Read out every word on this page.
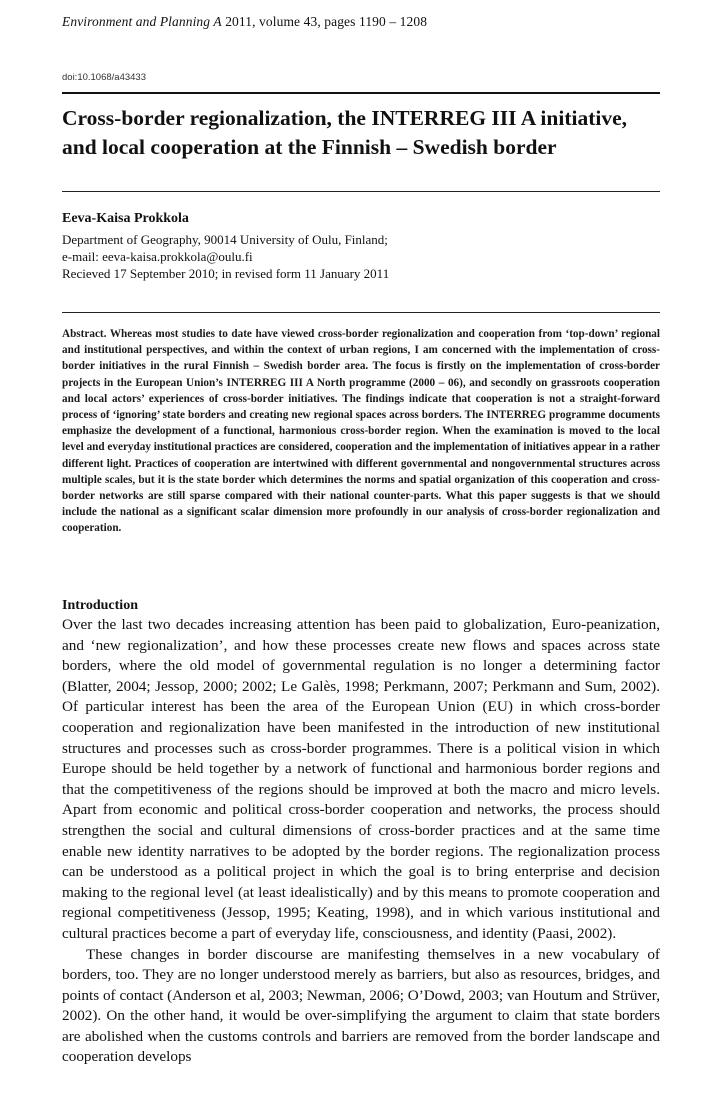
Environment and Planning A 2011, volume 43, pages 1190 – 1208
doi:10.1068/a43433
Cross-border regionalization, the INTERREG III A initiative,
and local cooperation at the Finnish – Swedish border
Eeva-Kaisa Prokkola
Department of Geography, 90014 University of Oulu, Finland;
e-mail: eeva-kaisa.prokkola@oulu.fi
Recieved 17 September 2010; in revised form 11 January 2011
Abstract. Whereas most studies to date have viewed cross-border regionalization and cooperation from ‘top-down’ regional and institutional perspectives, and within the context of urban regions, I am concerned with the implementation of cross-border initiatives in the rural Finnish – Swedish border area. The focus is firstly on the implementation of cross-border projects in the European Union’s INTERREG III A North programme (2000 – 06), and secondly on grassroots cooperation and local actors’ experiences of cross-border initiatives. The findings indicate that cooperation is not a straight-forward process of ‘ignoring’ state borders and creating new regional spaces across borders. The INTERREG programme documents emphasize the development of a functional, harmonious cross-border region. When the examination is moved to the local level and everyday institutional practices are considered, cooperation and the implementation of initiatives appear in a rather different light. Practices of cooperation are intertwined with different governmental and nongovernmental structures across multiple scales, but it is the state border which determines the norms and spatial organization of this cooperation and cross-border networks are still sparse compared with their national counter-parts. What this paper suggests is that we should include the national as a significant scalar dimension more profoundly in our analysis of cross-border regionalization and cooperation.
Introduction

Over the last two decades increasing attention has been paid to globalization, Euro-peanization, and ‘new regionalization’, and how these processes create new flows and spaces across state borders, where the old model of governmental regulation is no longer a determining factor (Blatter, 2004; Jessop, 2000; 2002; Le Galès, 1998; Perkmann, 2007; Perkmann and Sum, 2002). Of particular interest has been the area of the European Union (EU) in which cross-border cooperation and regionalization have been manifested in the introduction of new institutional structures and processes such as cross-border programmes. There is a political vision in which Europe should be held together by a network of functional and harmonious border regions and that the competitiveness of the regions should be improved at both the macro and micro levels. Apart from economic and political cross-border cooperation and networks, the process should strengthen the social and cultural dimensions of cross-border practices and at the same time enable new identity narratives to be adopted by the border regions. The regionalization process can be understood as a political project in which the goal is to bring enterprise and decision making to the regional level (at least idealistically) and by this means to promote cooperation and regional competitiveness (Jessop, 1995; Keating, 1998), and in which various institutional and cultural practices become a part of everyday life, consciousness, and identity (Paasi, 2002).

These changes in border discourse are manifesting themselves in a new vocabulary of borders, too. They are no longer understood merely as barriers, but also as resources, bridges, and points of contact (Anderson et al, 2003; Newman, 2006; O’Dowd, 2003; van Houtum and Strüver, 2002). On the other hand, it would be over-simplifying the argument to claim that state borders are abolished when the customs controls and barriers are removed from the border landscape and cooperation develops
